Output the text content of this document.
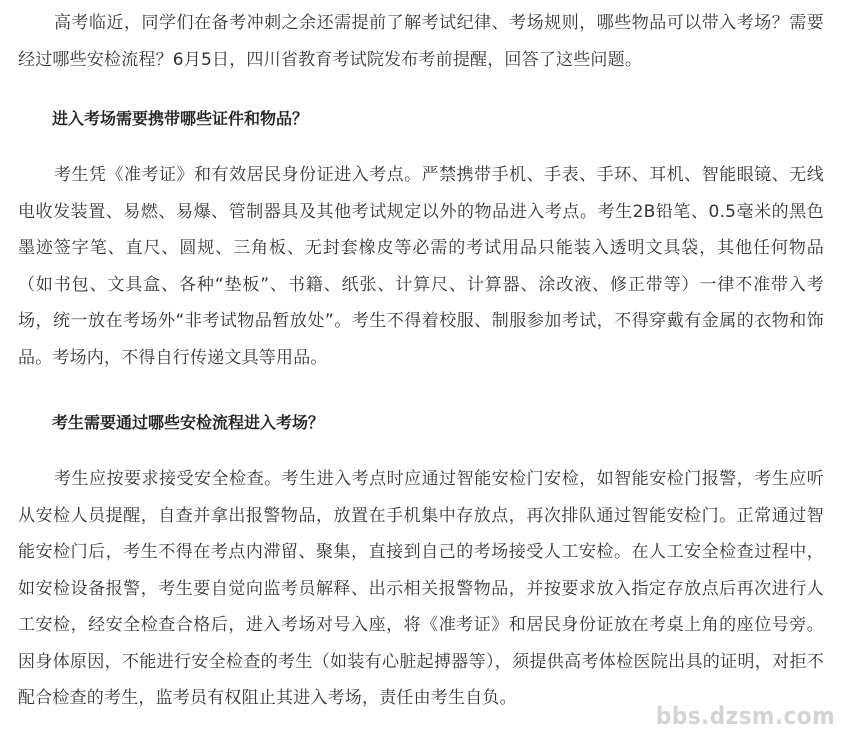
高考临近，同学们在备考冲刺之余还需提前了解考试纪律、考场规则，哪些物品可以带入考场？需要经过哪些安检流程？6月5日，四川省教育考试院发布考前提醒，回答了这些问题。

进入考场需要携带哪些证件和物品？

考生凭《准考证》和有效居民身份证进入考点。严禁携带手机、手表、手环、耳机、智能眼镜、无线电收发装置、易燃、易爆、管制器具及其他考试规定以外的物品进入考点。考生2B铅笔、0.5毫米的黑色墨迹签字笔、直尺、圆规、三角板、无封套橡皮等必需的考试用品只能装入透明文具袋，其他任何物品（如书包、文具盒、各种“垫板”、书籍、纸张、计算尺、计算器、涂改液、修正带等）一律不准带入考场，统一放在考场外“非考试物品暂放处”。考生不得着校服、制服参加考试，不得穿戴有金属的衣物和饰品。考场内，不得自行传递文具等用品。

考生需要通过哪些安检流程进入考场？

考生应按要求接受安全检查。考生进入考点时应通过智能安检门安检，如智能安检门报警，考生应听从安检人员提醒，自查并拿出报警物品，放置在手机集中存放点，再次排队通过智能安检门。正常通过智能安检门后，考生不得在考点内滞留、聚集，直接到自己的考场接受人工安检。在人工安全检查过程中，如安检设备报警，考生要自觉向监考员解释、出示相关报警物品，并按要求放入指定存放点后再次进行人工安检，经安全检查合格后，进入考场对号入座，将《准考证》和居民身份证放在考桌上角的座位号旁。因身体原因，不能进行安全检查的考生（如装有心脏起搏器等），须提供高考体检医院出具的证明，对拒不配合检查的考生，监考员有权阻止其进入考场，责任由考生自负。

bbs.dzsm.com
